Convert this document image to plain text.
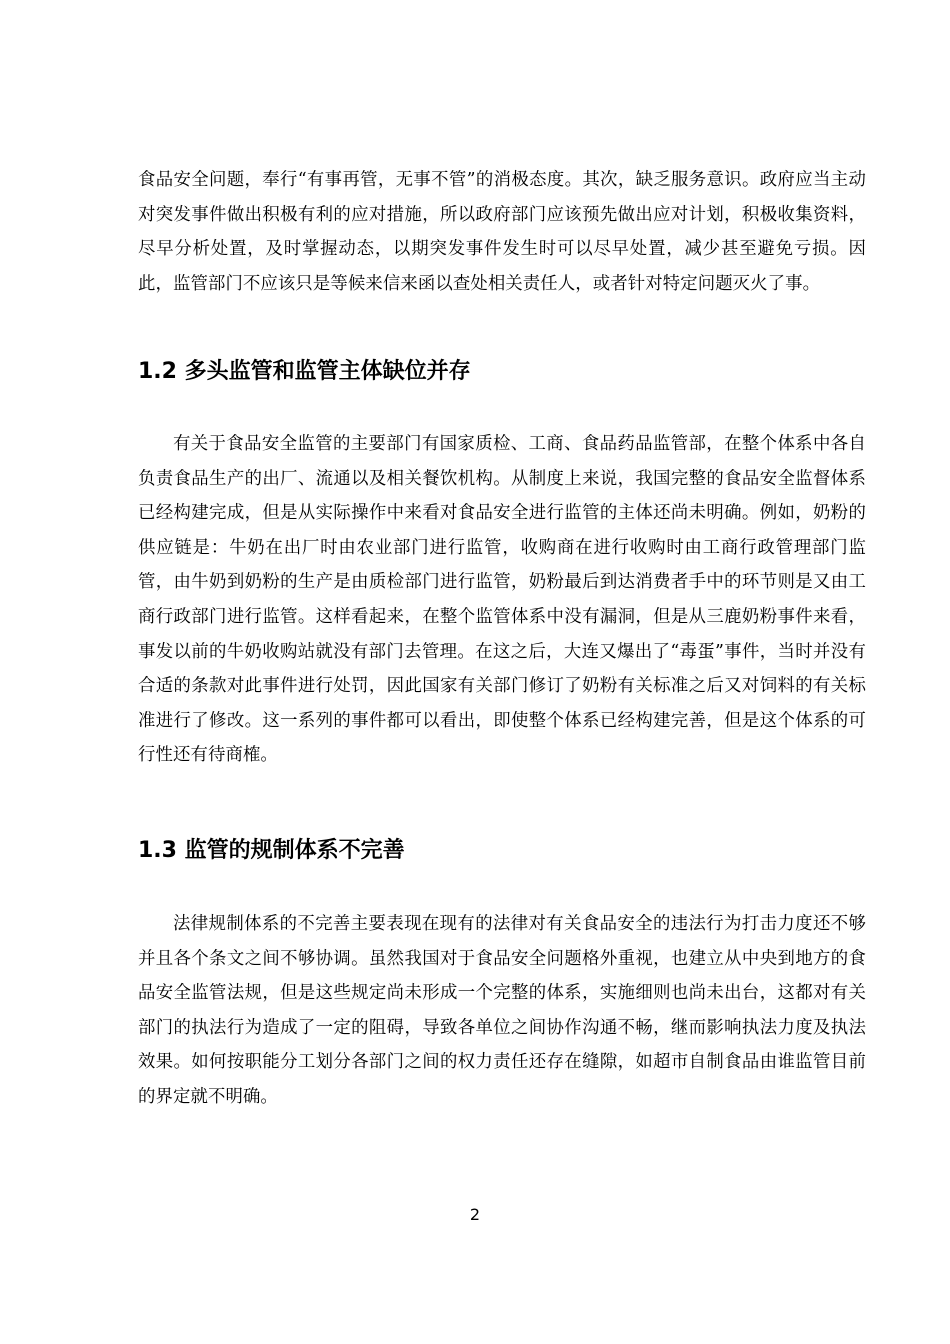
食品安全问题，奉行“有事再管，无事不管”的消极态度。其次，缺乏服务意识。政府应当主动对突发事件做出积极有利的应对措施，所以政府部门应该预先做出应对计划，积极收集资料，尽早分析处置，及时掌握动态，以期突发事件发生时可以尽早处置，减少甚至避免亏损。因此，监管部门不应该只是等候来信来函以查处相关责任人，或者针对特定问题灭火了事。

1.2 多头监管和监管主体缺位并存

有关于食品安全监管的主要部门有国家质检、工商、食品药品监管部，在整个体系中各自负责食品生产的出厂、流通以及相关餐饮机构。从制度上来说，我国完整的食品安全监督体系已经构建完成，但是从实际操作中来看对食品安全进行监管的主体还尚未明确。例如，奶粉的供应链是：牛奶在出厂时由农业部门进行监管，收购商在进行收购时由工商行政管理部门监管，由牛奶到奶粉的生产是由质检部门进行监管，奶粉最后到达消费者手中的环节则是又由工商行政部门进行监管。这样看起来，在整个监管体系中没有漏洞，但是从三鹿奶粉事件来看，事发以前的牛奶收购站就没有部门去管理。在这之后，大连又爆出了“毒蛋”事件，当时并没有合适的条款对此事件进行处罚，因此国家有关部门修订了奶粉有关标准之后又对饲料的有关标准进行了修改。这一系列的事件都可以看出，即使整个体系已经构建完善，但是这个体系的可行性还有待商榷。

1.3 监管的规制体系不完善

法律规制体系的不完善主要表现在现有的法律对有关食品安全的违法行为打击力度还不够并且各个条文之间不够协调。虽然我国对于食品安全问题格外重视，也建立从中央到地方的食品安全监管法规，但是这些规定尚未形成一个完整的体系，实施细则也尚未出台，这都对有关部门的执法行为造成了一定的阻碍，导致各单位之间协作沟通不畅，继而影响执法力度及执法效果。如何按职能分工划分各部门之间的权力责任还存在缝隙，如超市自制食品由谁监管目前的界定就不明确。

2
